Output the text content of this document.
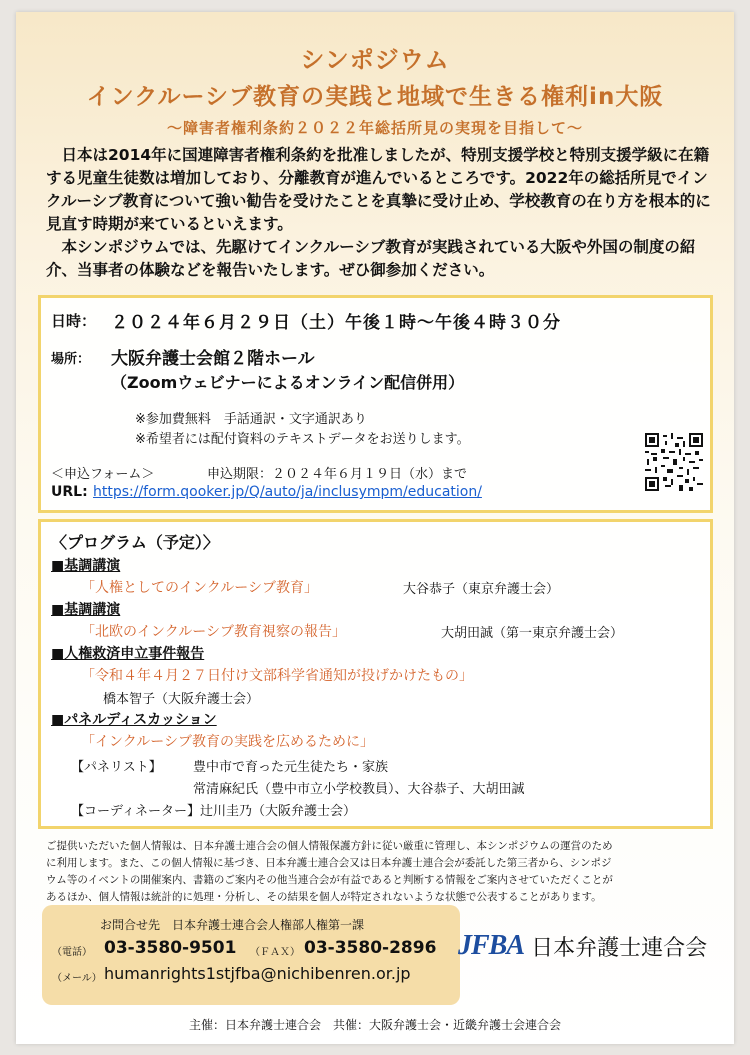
シンポジウム
インクルーシブ教育の実践と地域で生きる権利in大阪
～障害者権利条約２０２２年総括所見の実現を目指して～

日本は2014年に国連障害者権利条約を批准しましたが、特別支援学校と特別支援学級に在籍する児童生徒数は増加しており、分離教育が進んでいるところです。2022年の総括所見でインクルーシブ教育について強い勧告を受けたことを真摯に受け止め、学校教育の在り方を根本的に見直す時期が来ているといえます。

本シンポジウムでは、先駆けてインクルーシブ教育が実践されている大阪や外国の制度の紹介、当事者の体験などを報告いたします。ぜひ御参加ください。

日時： ２０２４年６月２９日（土）午後１時～午後４時３０分
場所： 大阪弁護士会館２階ホール
（Zoomウェビナーによるオンライン配信併用）
※参加費無料　手話通訳・文字通訳あり
※希望者には配付資料のテキストデータをお送りします。
＜申込フォーム＞	申込期限：２０２４年６月１９日（水）まで
URL: https://form.qooker.jp/Q/auto/ja/inclusympm/education/
〈プログラム（予定）〉
■基調講演
「人権としてのインクルーシブ教育」	大谷恭子（東京弁護士会）
■基調講演
「北欧のインクルーシブ教育視察の報告」	大胡田誠（第一東京弁護士会）
■人権救済申立事件報告
「令和４年４月２７日付け文部科学省通知が投げかけたもの」
橋本智子（大阪弁護士会）
■パネルディスカッション
「インクルーシブ教育の実践を広めるために」
【パネリスト】 豊中市で育った元生徒たち・家族
常清麻紀氏（豊中市立小学校教員）、大谷恭子、大胡田誠
【コーディネーター】辻川圭乃（大阪弁護士会）
ご提供いただいた個人情報は、日本弁護士連合会の個人情報保護方針に従い厳重に管理し、本シンポジウムの運営のため
に利用します。また、この個人情報に基づき、日本弁護士連合会又は日本弁護士連合会が委託した第三者から、シンポジ
ウム等のイベントの開催案内、書籍のご案内その他当連合会が有益であると判断する情報をご案内させていただくことが
あるほか、個人情報は統計的に処理・分析し、その結果を個人が特定されないような状態で公表することがあります。
お問合せ先　日本弁護士連合会人権部人権第一課
（電話） 03-3580-9501 （ＦＡＸ） 03-3580-2896
（メール） humanrights1stjfba@nichibenren.or.jp
JFBA 日本弁護士連合会
主催：日本弁護士連合会　共催：大阪弁護士会・近畿弁護士会連合会
